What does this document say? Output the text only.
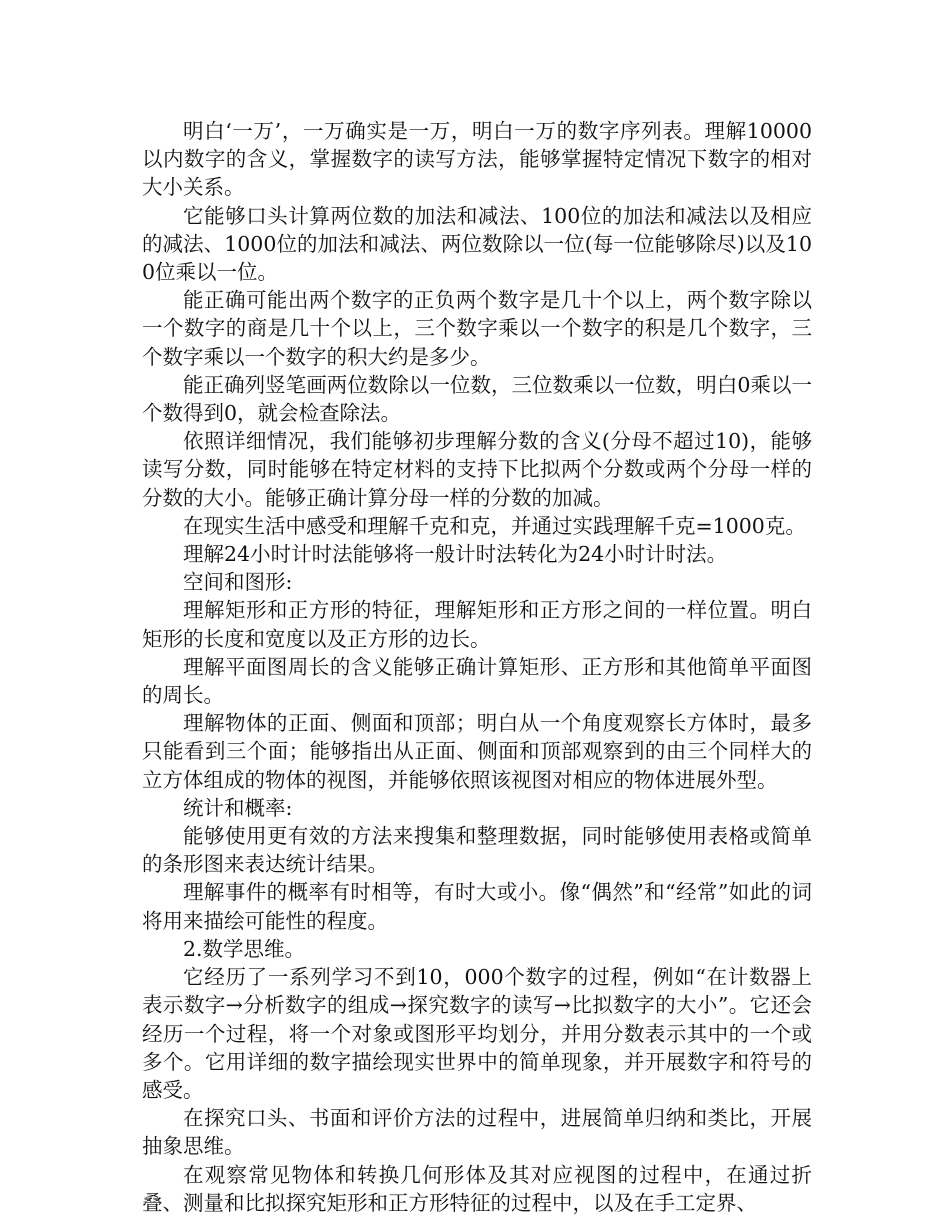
明白‘一万’，一万确实是一万，明白一万的数字序列表。理解10000以内数字的含义，掌握数字的读写方法，能够掌握特定情况下数字的相对大小关系。

它能够口头计算两位数的加法和减法、100位的加法和减法以及相应的减法、1000位的加法和减法、两位数除以一位(每一位能够除尽)以及100位乘以一位。

能正确可能出两个数字的正负两个数字是几十个以上，两个数字除以一个数字的商是几十个以上，三个数字乘以一个数字的积是几个数字，三个数字乘以一个数字的积大约是多少。

能正确列竖笔画两位数除以一位数，三位数乘以一位数，明白0乘以一个数得到0，就会检查除法。

依照详细情况，我们能够初步理解分数的含义(分母不超过10)，能够读写分数，同时能够在特定材料的支持下比拟两个分数或两个分母一样的分数的大小。能够正确计算分母一样的分数的加减。

在现实生活中感受和理解千克和克，并通过实践理解千克=1000克。

理解24小时计时法能够将一般计时法转化为24小时计时法。

空间和图形:

理解矩形和正方形的特征，理解矩形和正方形之间的一样位置。明白矩形的长度和宽度以及正方形的边长。

理解平面图周长的含义能够正确计算矩形、正方形和其他简单平面图的周长。

理解物体的正面、侧面和顶部；明白从一个角度观察长方体时，最多只能看到三个面；能够指出从正面、侧面和顶部观察到的由三个同样大的立方体组成的物体的视图，并能够依照该视图对相应的物体进展外型。

统计和概率:

能够使用更有效的方法来搜集和整理数据，同时能够使用表格或简单的条形图来表达统计结果。

理解事件的概率有时相等，有时大或小。像“偶然”和“经常”如此的词将用来描绘可能性的程度。

2.数学思维。

它经历了一系列学习不到10，000个数字的过程，例如“在计数器上表示数字→分析数字的组成→探究数字的读写→比拟数字的大小”。它还会经历一个过程，将一个对象或图形平均划分，并用分数表示其中的一个或多个。它用详细的数字描绘现实世界中的简单现象，并开展数字和符号的感受。

在探究口头、书面和评价方法的过程中，进展简单归纳和类比，开展抽象思维。

在观察常见物体和转换几何形体及其对应视图的过程中，在通过折叠、测量和比拟探究矩形和正方形特征的过程中，以及在手工定界、
